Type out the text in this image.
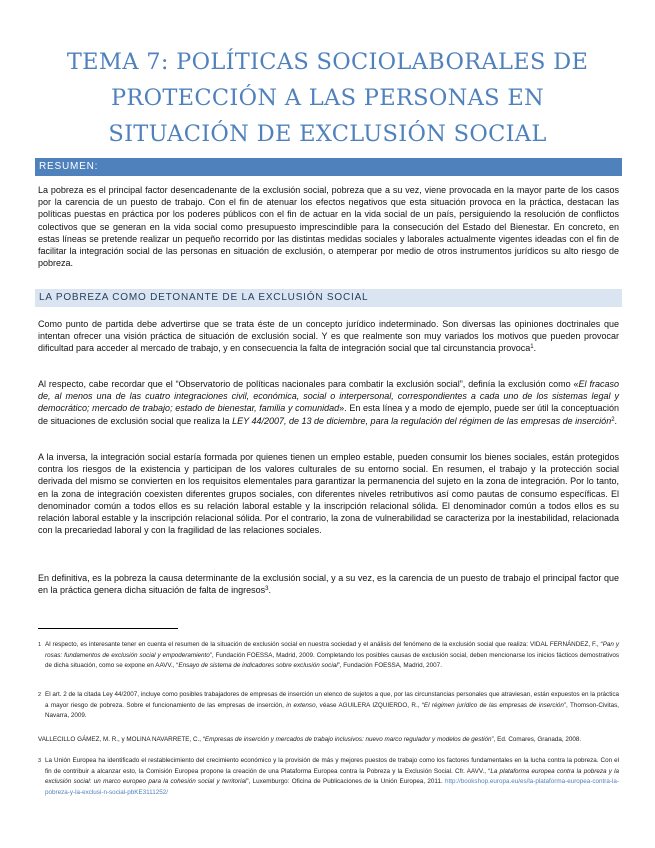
TEMA 7: POLÍTICAS SOCIOLABORALES DE
PROTECCIÓN A LAS PERSONAS EN
SITUACIÓN DE EXCLUSIÓN SOCIAL
RESUMEN:
La pobreza es el principal factor desencadenante de la exclusión social, pobreza que a su vez, viene provocada en la mayor parte de los casos por la carencia de un puesto de trabajo. Con el fin de atenuar los efectos negativos que esta situación provoca en la práctica, destacan las políticas puestas en práctica por los poderes públicos con el fin de actuar en la vida social de un país, persiguiendo la resolución de conflictos colectivos que se generan en la vida social como presupuesto imprescindible para la consecución del Estado del Bienestar. En concreto, en estas líneas se pretende realizar un pequeño recorrido por las distintas medidas sociales y laborales actualmente vigentes ideadas con el fin de facilitar la integración social de las personas en situación de exclusión, o atemperar por medio de otros instrumentos jurídicos su alto riesgo de pobreza.
LA POBREZA COMO DETONANTE DE LA EXCLUSIÓN SOCIAL
Como punto de partida debe advertirse que se trata éste de un concepto jurídico indeterminado. Son diversas las opiniones doctrinales que intentan ofrecer una visión práctica de situación de exclusión social. Y es que realmente son muy variados los motivos que pueden provocar dificultad para acceder al mercado de trabajo, y en consecuencia la falta de integración social que tal circunstancia provoca$^1$.
Al respecto, cabe recordar que el “Observatorio de políticas nacionales para combatir la exclusión social”, definía la exclusión como «El fracaso de, al menos una de las cuatro integraciones civil, económica, social o interpersonal, correspondientes a cada uno de los sistemas legal y democrático; mercado de trabajo; estado de bienestar, familia y comunidad». En esta línea y a modo de ejemplo, puede ser útil la conceptuación de situaciones de exclusión social que realiza la LEY 44/2007, de 13 de diciembre, para la regulación del régimen de las empresas de inserción$^2$.
A la inversa, la integración social estaría formada por quienes tienen un empleo estable, pueden consumir los bienes sociales, están protegidos contra los riesgos de la existencia y participan de los valores culturales de su entorno social. En resumen, el trabajo y la protección social derivada del mismo se convierten en los requisitos elementales para garantizar la permanencia del sujeto en la zona de integración. Por lo tanto, en la zona de integración coexisten diferentes grupos sociales, con diferentes niveles retributivos así como pautas de consumo específicas. El denominador común a todos ellos es su relación laboral estable y la inscripción relacional sólida. El denominador común a todos ellos es su relación laboral estable y la inscripción relacional sólida. Por el contrario, la zona de vulnerabilidad se caracteriza por la inestabilidad, relacionada con la precariedad laboral y con la fragilidad de las relaciones sociales.
En definitiva, es la pobreza la causa determinante de la exclusión social, y a su vez, es la carencia de un puesto de trabajo el principal factor que en la práctica genera dicha situación de falta de ingresos$^3$.
1 Al respecto, es interesante tener en cuenta el resumen de la situación de exclusión social en nuestra sociedad y el análisis del fenómeno de la exclusión social que realiza: VIDAL FERNÁNDEZ, F., “Pan y rosas: fundamentos de exclusión social y empoderamiento”, Fundación FOESSA, Madrid, 2009. Completando los posibles causas de exclusión social, deben mencionarse los inicios fácticos demostrativos de dicha situación, como se expone en AAVV., “Ensayo de sistema de indicadores sobre exclusión social”, Fundación FOESSA, Madrid, 2007.
2 El art. 2 de la citada Ley 44/2007, incluye como posibles trabajadores de empresas de inserción un elenco de sujetos a que, por las circunstancias personales que atraviesan, están expuestos en la práctica a mayor riesgo de pobreza. Sobre el funcionamiento de las empresas de inserción, in extenso, véase AGUILERA IZQUIERDO, R., “El régimen jurídico de las empresas de inserción”, Thomson-Civitas, Navarra, 2009.
VALLECILLO GÁMEZ, M. R., y MOLINA NAVARRETE, C., “Empresas de inserción y mercados de trabajo inclusivos: nuevo marco regulador y modelos de gestión”, Ed. Comares, Granada, 2008.
3 La Unión Europea ha identificado el restablecimiento del crecimiento económico y la provisión de más y mejores puestos de trabajo como los factores fundamentales en la lucha contra la pobreza. Con el fin de contribuir a alcanzar esto, la Comisión Europea propone la creación de una Plataforma Europea contra la Pobreza y la Exclusión Social. Cfr. AAVV., “La plataforma europea contra la pobreza y la exclusión social: un marco europeo para la cohesión social y territorial”, Luxemburgo: Oficina de Publicaciones de la Unión Europea, 2011. http://bookshop.europa.eu/es/la-plataforma-europea-contra-la-pobreza-y-la-exclusi-n-social-pbKE3111252/
